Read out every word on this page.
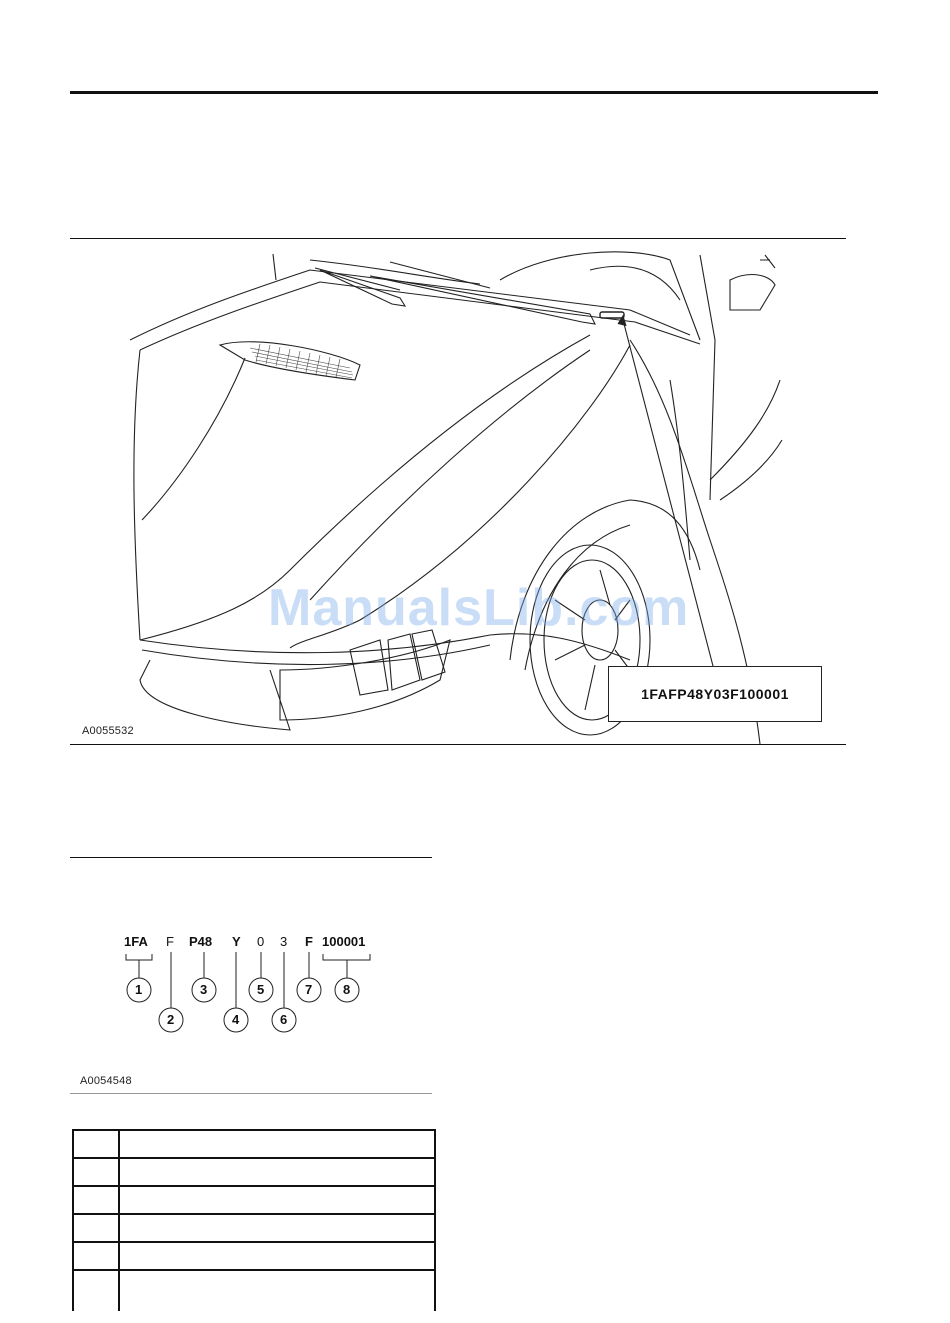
ManualsLib.com
1FAFP48Y03F100001
A0055532
1FA F P48 Y 0 3 F 100001
1
2
3
4
5
6
7 8
A0054548
